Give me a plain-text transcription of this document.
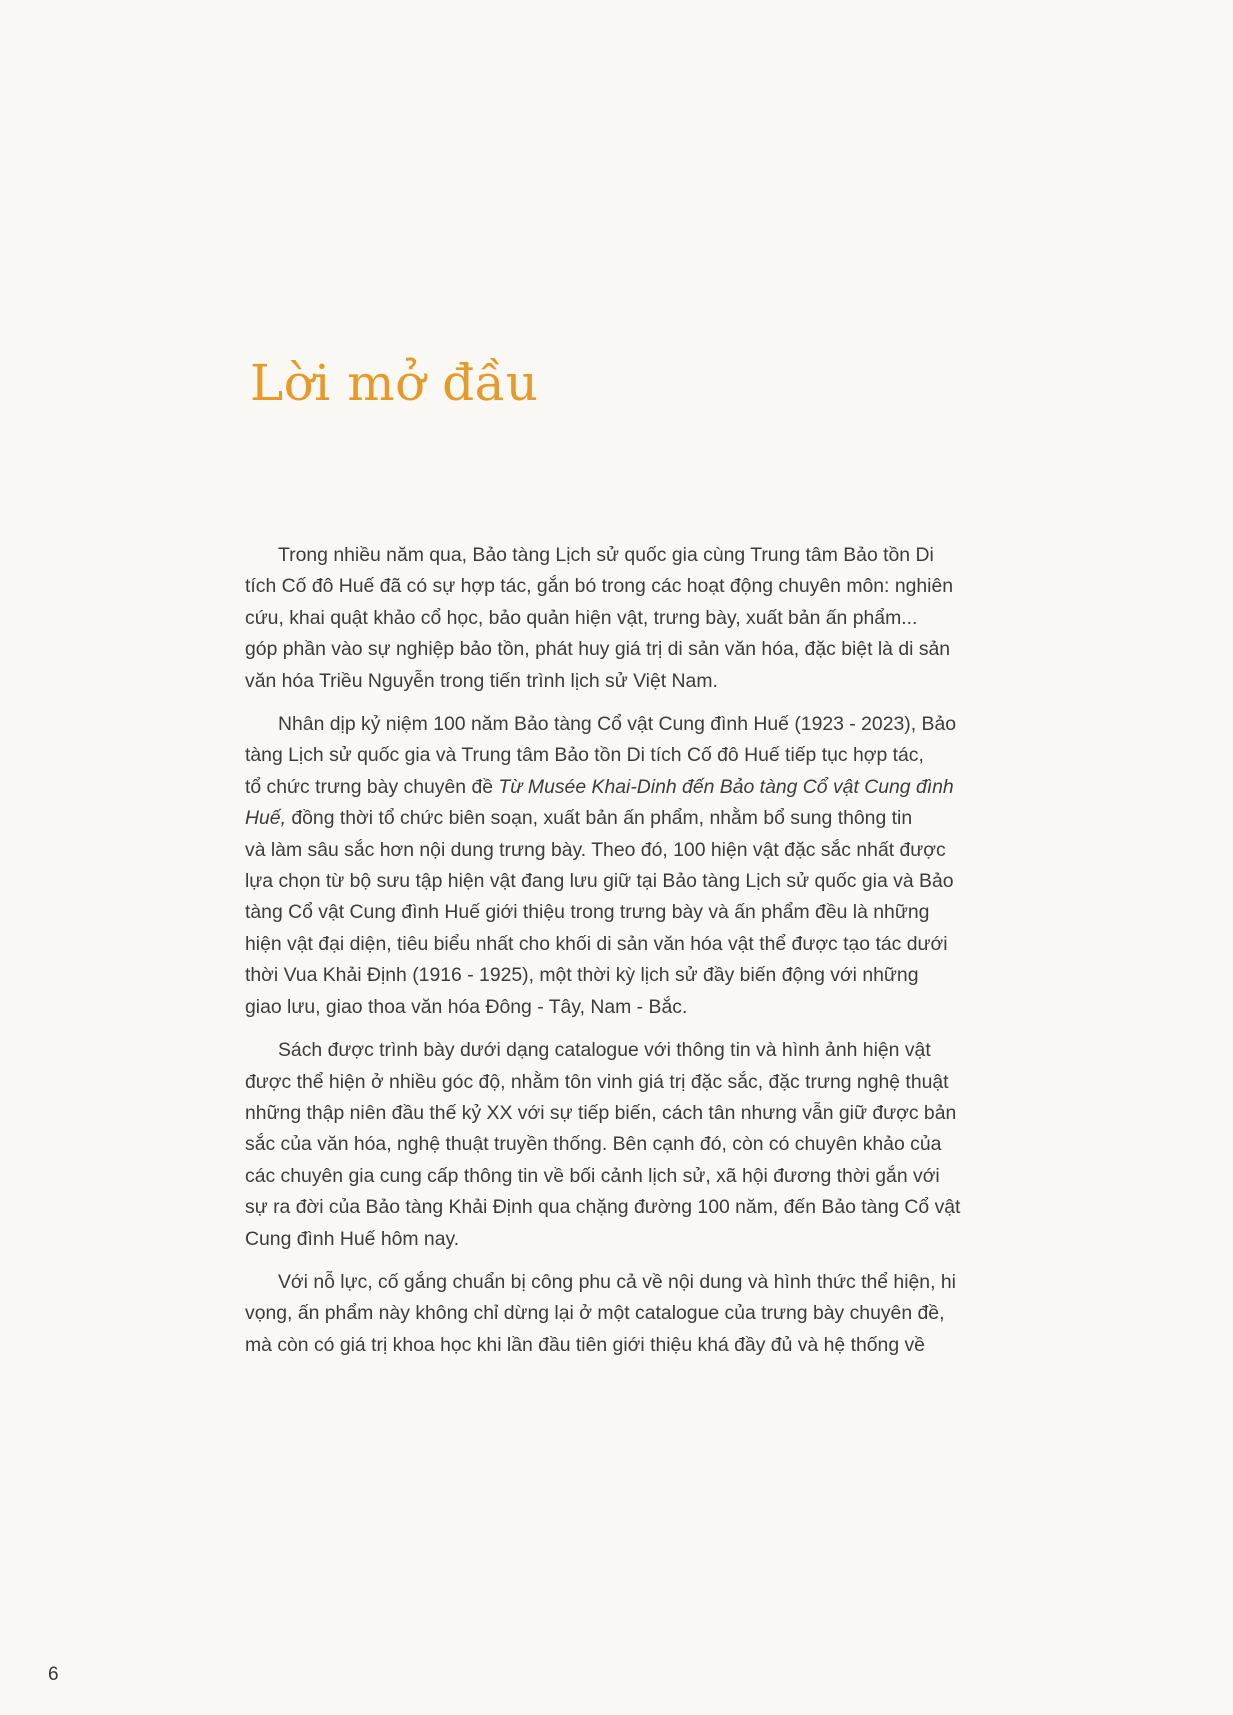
Lời mở đầu

Trong nhiều năm qua, Bảo tàng Lịch sử quốc gia cùng Trung tâm Bảo tồn Di
tích Cố đô Huế đã có sự hợp tác, gắn bó trong các hoạt động chuyên môn: nghiên
cứu, khai quật khảo cổ học, bảo quản hiện vật, trưng bày, xuất bản ấn phẩm...
góp phần vào sự nghiệp bảo tồn, phát huy giá trị di sản văn hóa, đặc biệt là di sản
văn hóa Triều Nguyễn trong tiến trình lịch sử Việt Nam.

Nhân dịp kỷ niệm 100 năm Bảo tàng Cổ vật Cung đình Huế (1923 - 2023), Bảo
tàng Lịch sử quốc gia và Trung tâm Bảo tồn Di tích Cố đô Huế tiếp tục hợp tác,
tổ chức trưng bày chuyên đề Từ Musée Khai-Dinh đến Bảo tàng Cổ vật Cung đình
Huế, đồng thời tổ chức biên soạn, xuất bản ấn phẩm, nhằm bổ sung thông tin
và làm sâu sắc hơn nội dung trưng bày. Theo đó, 100 hiện vật đặc sắc nhất được
lựa chọn từ bộ sưu tập hiện vật đang lưu giữ tại Bảo tàng Lịch sử quốc gia và Bảo
tàng Cổ vật Cung đình Huế giới thiệu trong trưng bày và ấn phẩm đều là những
hiện vật đại diện, tiêu biểu nhất cho khối di sản văn hóa vật thể được tạo tác dưới
thời Vua Khải Định (1916 - 1925), một thời kỳ lịch sử đầy biến động với những
giao lưu, giao thoa văn hóa Đông - Tây, Nam - Bắc.

Sách được trình bày dưới dạng catalogue với thông tin và hình ảnh hiện vật
được thể hiện ở nhiều góc độ, nhằm tôn vinh giá trị đặc sắc, đặc trưng nghệ thuật
những thập niên đầu thế kỷ XX với sự tiếp biến, cách tân nhưng vẫn giữ được bản
sắc của văn hóa, nghệ thuật truyền thống. Bên cạnh đó, còn có chuyên khảo của
các chuyên gia cung cấp thông tin về bối cảnh lịch sử, xã hội đương thời gắn với
sự ra đời của Bảo tàng Khải Định qua chặng đường 100 năm, đến Bảo tàng Cổ vật
Cung đình Huế hôm nay.

Với nỗ lực, cố gắng chuẩn bị công phu cả về nội dung và hình thức thể hiện, hi
vọng, ấn phẩm này không chỉ dừng lại ở một catalogue của trưng bày chuyên đề,
mà còn có giá trị khoa học khi lần đầu tiên giới thiệu khá đầy đủ và hệ thống về

6
